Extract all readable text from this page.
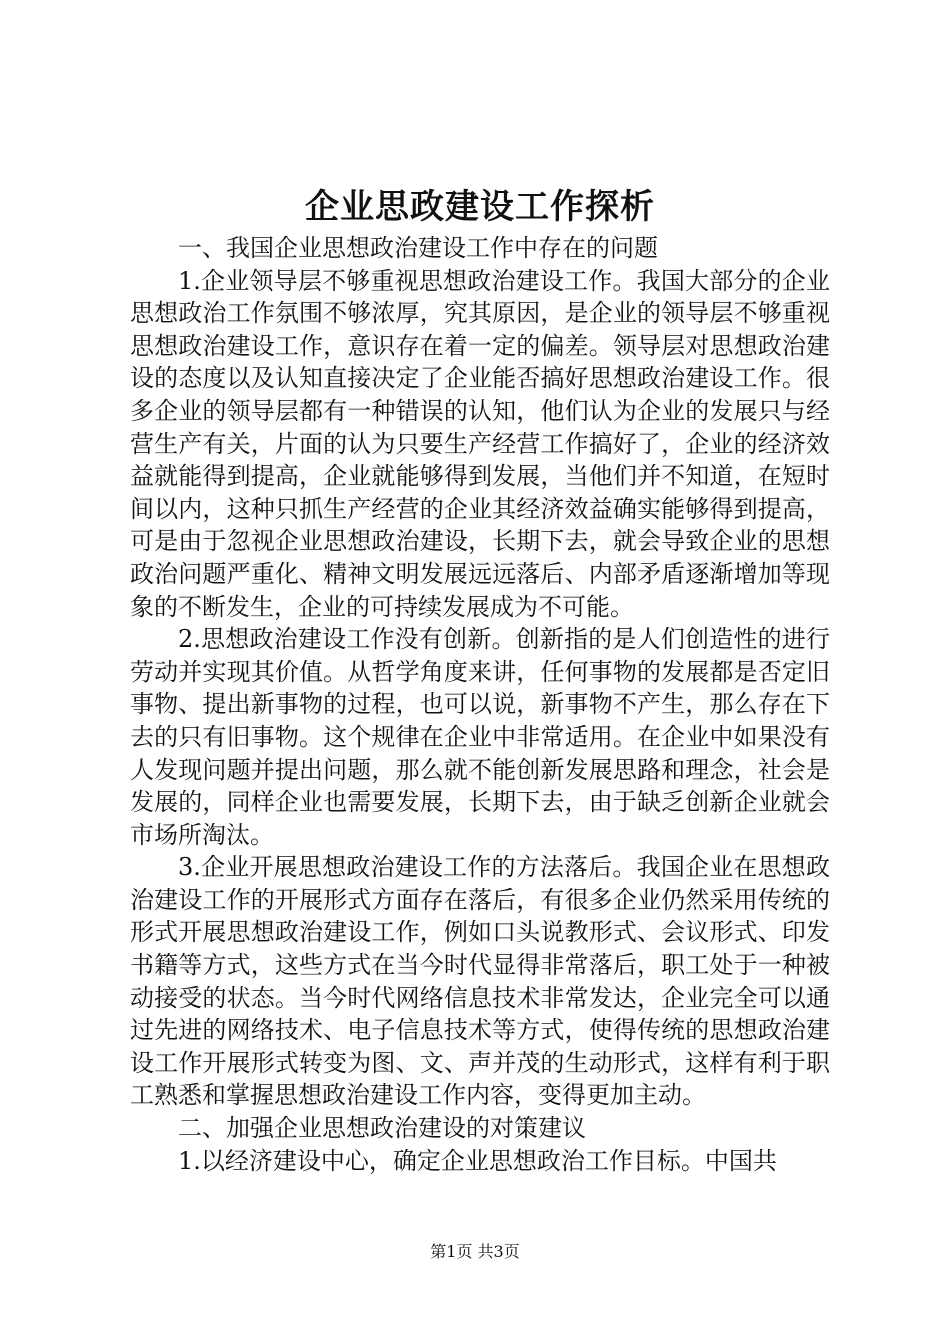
企业思政建设工作探析

一、我国企业思想政治建设工作中存在的问题

1.企业领导层不够重视思想政治建设工作。我国大部分的企业思想政治工作氛围不够浓厚，究其原因，是企业的领导层不够重视思想政治建设工作，意识存在着一定的偏差。领导层对思想政治建设的态度以及认知直接决定了企业能否搞好思想政治建设工作。很多企业的领导层都有一种错误的认知，他们认为企业的发展只与经营生产有关，片面的认为只要生产经营工作搞好了，企业的经济效益就能得到提高，企业就能够得到发展，当他们并不知道，在短时间以内，这种只抓生产经营的企业其经济效益确实能够得到提高，可是由于忽视企业思想政治建设，长期下去，就会导致企业的思想政治问题严重化、精神文明发展远远落后、内部矛盾逐渐增加等现象的不断发生，企业的可持续发展成为不可能。

2.思想政治建设工作没有创新。创新指的是人们创造性的进行劳动并实现其价值。从哲学角度来讲，任何事物的发展都是否定旧事物、提出新事物的过程，也可以说，新事物不产生，那么存在下去的只有旧事物。这个规律在企业中非常适用。在企业中如果没有人发现问题并提出问题，那么就不能创新发展思路和理念，社会是发展的，同样企业也需要发展，长期下去，由于缺乏创新企业就会市场所淘汰。

3.企业开展思想政治建设工作的方法落后。我国企业在思想政治建设工作的开展形式方面存在落后，有很多企业仍然采用传统的形式开展思想政治建设工作，例如口头说教形式、会议形式、印发书籍等方式，这些方式在当今时代显得非常落后，职工处于一种被动接受的状态。当今时代网络信息技术非常发达，企业完全可以通过先进的网络技术、电子信息技术等方式，使得传统的思想政治建设工作开展形式转变为图、文、声并茂的生动形式，这样有利于职工熟悉和掌握思想政治建设工作内容，变得更加主动。

二、加强企业思想政治建设的对策建议

1.以经济建设中心，确定企业思想政治工作目标。中国共

第1页 共3页
